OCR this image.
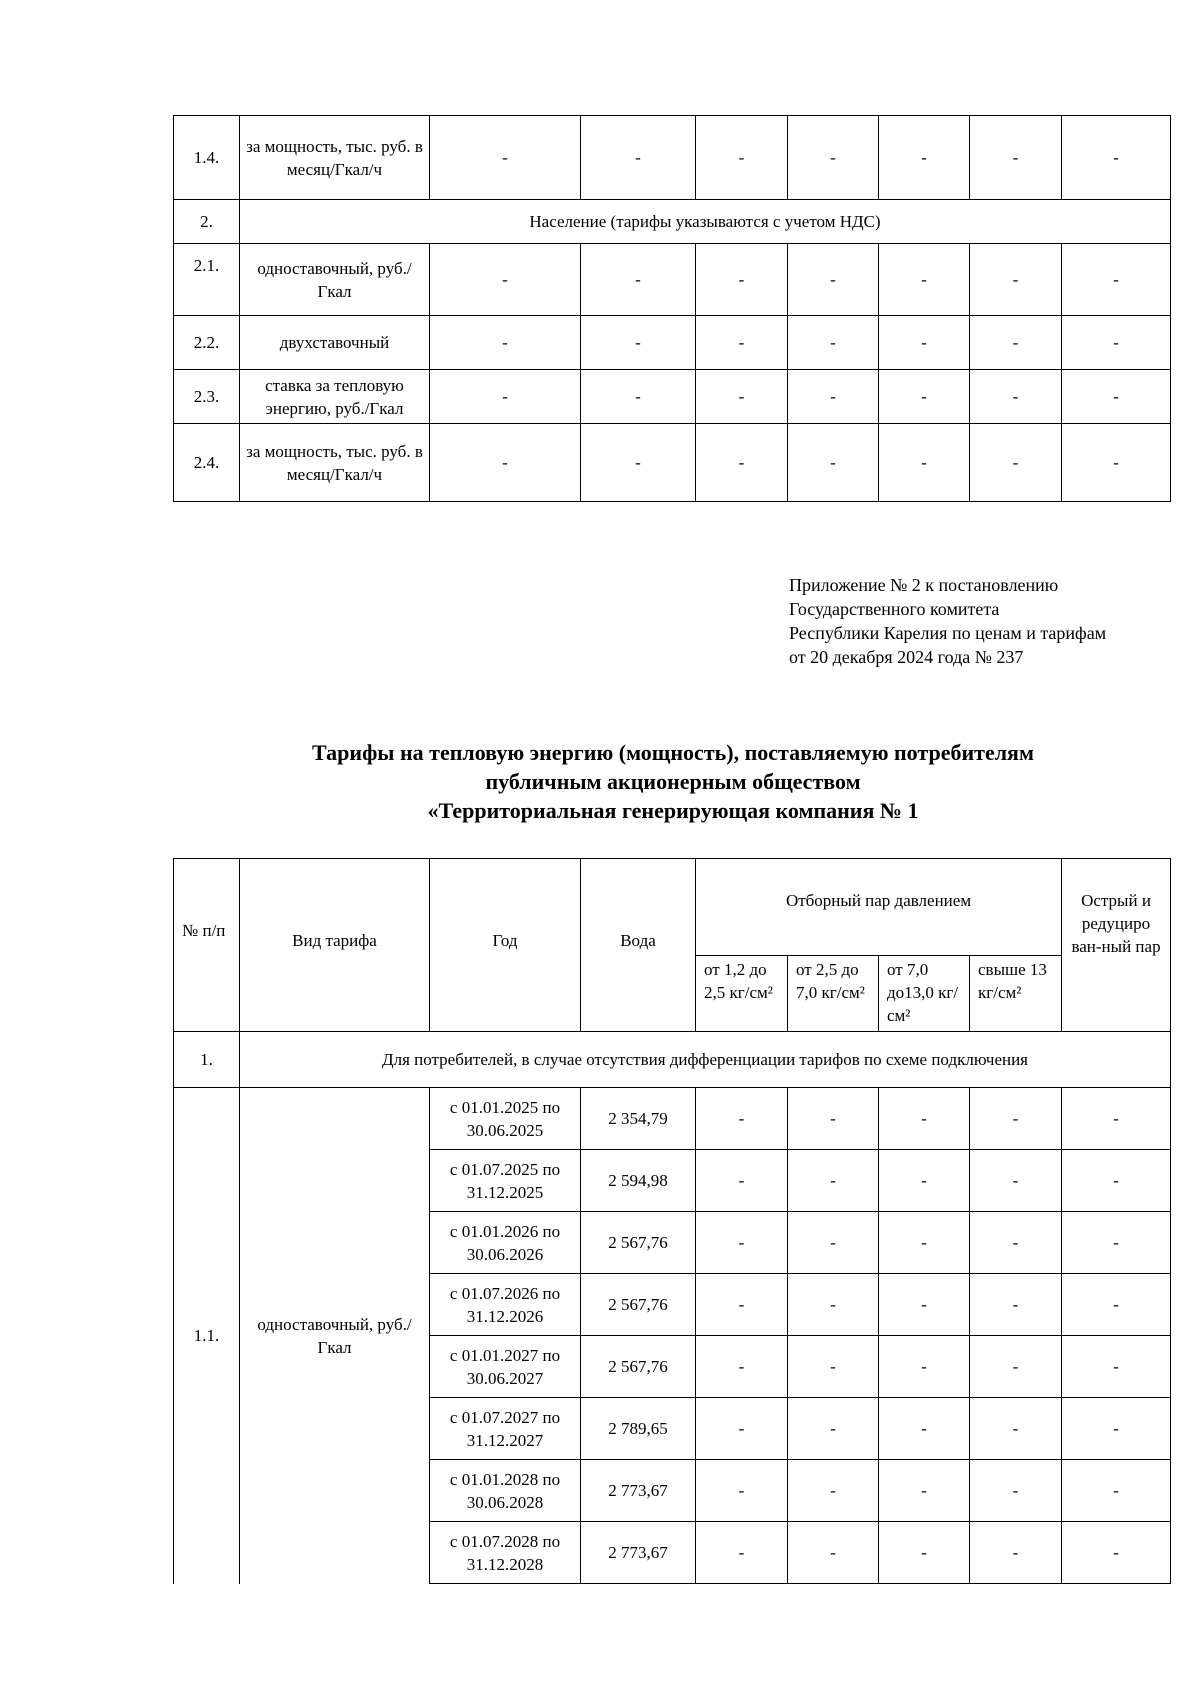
1.4.	за мощность, тыс. руб. в месяц/Гкал/ч	-	-	-	-	-	-	-
2.	Население (тарифы указываются с учетом НДС)							
2.1.	одноставочный, руб./Гкал	-	-	-	-	-	-	-
2.2.	двухставочный	-	-	-	-	-	-	-
2.3.	ставка за тепловую энергию, руб./Гкал	-	-	-	-	-	-	-
2.4.	за мощность, тыс. руб. в месяц/Гкал/ч	-	-	-	-	-	-	-
Приложение № 2 к постановлению
Государственного комитета
Республики Карелия по ценам и тарифам
от 20 декабря 2024 года № 237
Тарифы на тепловую энергию (мощность), поставляемую потребителям
публичным акционерным обществом
«Территориальная генерирующая компания № 1
№ п/п	Вид тарифа	Год	Вода	Отборный пар давлением				Острый и редуциро ван-ный пар
				от 1,2 до 2,5 кг/см²	от 2,5 до 7,0 кг/см²	от 7,0 до13,0 кг/см²	свыше 13 кг/см²	
1.	Для потребителей, в случае отсутствия дифференциации тарифов по схеме подключения							
1.1.	одноставочный, руб./Гкал	с 01.01.2025 по 30.06.2025	2 354,79	-	-	-	-	-
		с 01.07.2025 по 31.12.2025	2 594,98	-	-	-	-	-
		с 01.01.2026 по 30.06.2026	2 567,76	-	-	-	-	-
		с 01.07.2026 по 31.12.2026	2 567,76	-	-	-	-	-
		с 01.01.2027 по 30.06.2027	2 567,76	-	-	-	-	-
		с 01.07.2027 по 31.12.2027	2 789,65	-	-	-	-	-
		с 01.01.2028 по 30.06.2028	2 773,67	-	-	-	-	-
		с 01.07.2028 по 31.12.2028	2 773,67	-	-	-	-	-
